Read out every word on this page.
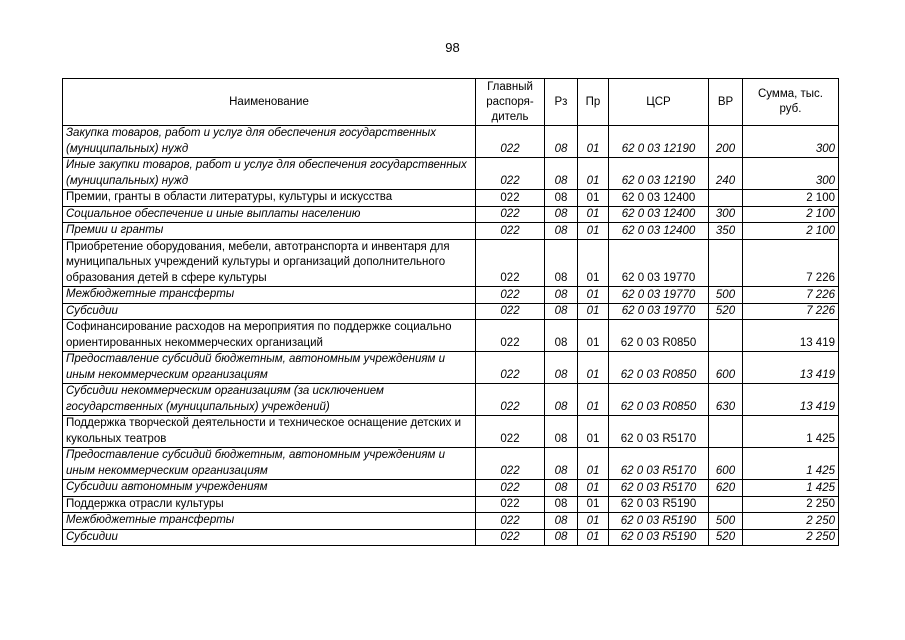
98
Наименование	Главный распоря-дитель	Рз	Пр	ЦСР	ВР	Сумма, тыс. руб.
Закупка товаров, работ и услуг для обеспечения государственных (муниципальных) нужд	022	08	01	62 0 03 12190	200	300
Иные закупки товаров, работ и услуг для обеспечения государственных (муниципальных) нужд	022	08	01	62 0 03 12190	240	300
Премии, гранты в области литературы, культуры и искусства	022	08	01	62 0 03 12400		2 100
Социальное обеспечение и иные выплаты населению	022	08	01	62 0 03 12400	300	2 100
Премии и гранты	022	08	01	62 0 03 12400	350	2 100
Приобретение оборудования, мебели, автотранспорта и инвентаря для муниципальных учреждений культуры и организаций дополнительного образования детей в сфере культуры	022	08	01	62 0 03 19770		7 226
Межбюджетные трансферты	022	08	01	62 0 03 19770	500	7 226
Субсидии	022	08	01	62 0 03 19770	520	7 226
Софинансирование расходов на мероприятия по поддержке социально ориентированных некоммерческих организаций	022	08	01	62 0 03 R0850		13 419
Предоставление субсидий бюджетным, автономным учреждениям и иным некоммерческим организациям	022	08	01	62 0 03 R0850	600	13 419
Субсидии некоммерческим организациям (за исключением государственных (муниципальных) учреждений)	022	08	01	62 0 03 R0850	630	13 419
Поддержка творческой деятельности и техническое оснащение детских и кукольных театров	022	08	01	62 0 03 R5170		1 425
Предоставление субсидий бюджетным, автономным учреждениям и иным некоммерческим организациям	022	08	01	62 0 03 R5170	600	1 425
Субсидии автономным учреждениям	022	08	01	62 0 03 R5170	620	1 425
Поддержка отрасли культуры	022	08	01	62 0 03 R5190		2 250
Межбюджетные трансферты	022	08	01	62 0 03 R5190	500	2 250
Субсидии	022	08	01	62 0 03 R5190	520	2 250
